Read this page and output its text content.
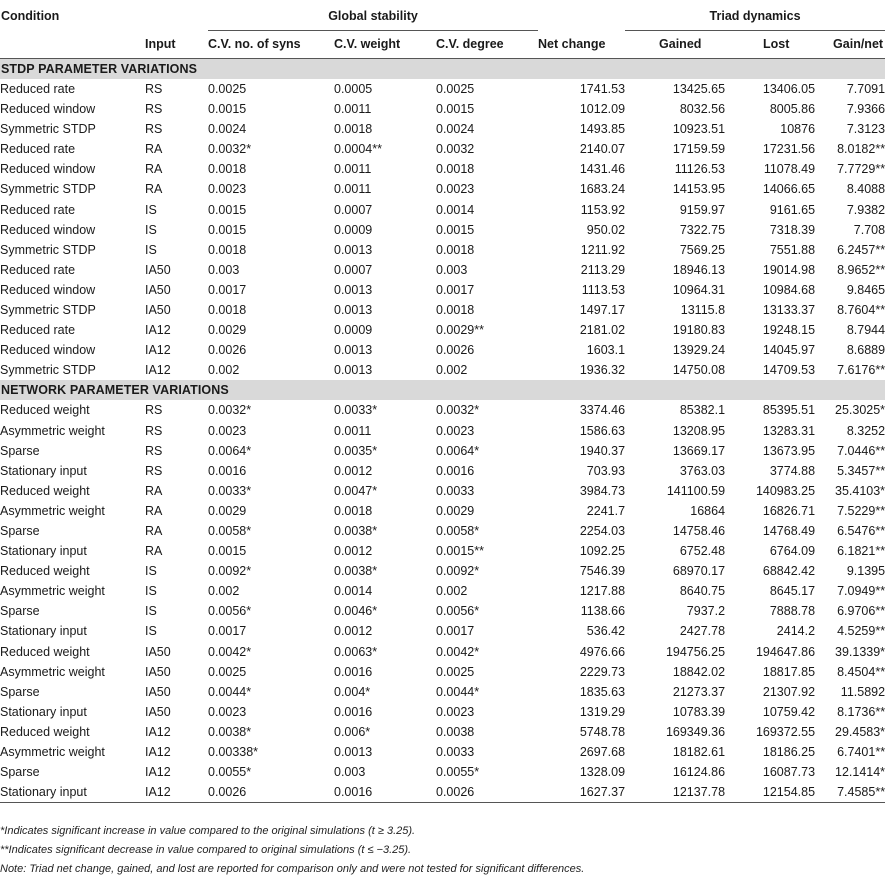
Condition		Global stability				Triad dynamics		
	Input	C.V. no. of syns	C.V. weight	C.V. degree	Net change	Gained	Lost	Gain/net
STDP PARAMETER VARIATIONS								
Reduced rate	RS	0.0025	0.0005	0.0025	1741.53	13425.65	13406.05	7.7091
Reduced window	RS	0.0015	0.0011	0.0015	1012.09	8032.56	8005.86	7.9366
Symmetric STDP	RS	0.0024	0.0018	0.0024	1493.85	10923.51	10876	7.3123
Reduced rate	RA	0.0032*	0.0004**	0.0032	2140.07	17159.59	17231.56	8.0182**
Reduced window	RA	0.0018	0.0011	0.0018	1431.46	11126.53	11078.49	7.7729**
Symmetric STDP	RA	0.0023	0.0011	0.0023	1683.24	14153.95	14066.65	8.4088
Reduced rate	IS	0.0015	0.0007	0.0014	1153.92	9159.97	9161.65	7.9382
Reduced window	IS	0.0015	0.0009	0.0015	950.02	7322.75	7318.39	7.708
Symmetric STDP	IS	0.0018	0.0013	0.0018	1211.92	7569.25	7551.88	6.2457**
Reduced rate	IA50	0.003	0.0007	0.003	2113.29	18946.13	19014.98	8.9652**
Reduced window	IA50	0.0017	0.0013	0.0017	1113.53	10964.31	10984.68	9.8465
Symmetric STDP	IA50	0.0018	0.0013	0.0018	1497.17	13115.8	13133.37	8.7604**
Reduced rate	IA12	0.0029	0.0009	0.0029**	2181.02	19180.83	19248.15	8.7944
Reduced window	IA12	0.0026	0.0013	0.0026	1603.1	13929.24	14045.97	8.6889
Symmetric STDP	IA12	0.002	0.0013	0.002	1936.32	14750.08	14709.53	7.6176**
NETWORK PARAMETER VARIATIONS								
Reduced weight	RS	0.0032*	0.0033*	0.0032*	3374.46	85382.1	85395.51	25.3025*
Asymmetric weight	RS	0.0023	0.0011	0.0023	1586.63	13208.95	13283.31	8.3252
Sparse	RS	0.0064*	0.0035*	0.0064*	1940.37	13669.17	13673.95	7.0446**
Stationary input	RS	0.0016	0.0012	0.0016	703.93	3763.03	3774.88	5.3457**
Reduced weight	RA	0.0033*	0.0047*	0.0033	3984.73	141100.59	140983.25	35.4103*
Asymmetric weight	RA	0.0029	0.0018	0.0029	2241.7	16864	16826.71	7.5229**
Sparse	RA	0.0058*	0.0038*	0.0058*	2254.03	14758.46	14768.49	6.5476**
Stationary input	RA	0.0015	0.0012	0.0015**	1092.25	6752.48	6764.09	6.1821**
Reduced weight	IS	0.0092*	0.0038*	0.0092*	7546.39	68970.17	68842.42	9.1395
Asymmetric weight	IS	0.002	0.0014	0.002	1217.88	8640.75	8645.17	7.0949**
Sparse	IS	0.0056*	0.0046*	0.0056*	1138.66	7937.2	7888.78	6.9706**
Stationary input	IS	0.0017	0.0012	0.0017	536.42	2427.78	2414.2	4.5259**
Reduced weight	IA50	0.0042*	0.0063*	0.0042*	4976.66	194756.25	194647.86	39.1339*
Asymmetric weight	IA50	0.0025	0.0016	0.0025	2229.73	18842.02	18817.85	8.4504**
Sparse	IA50	0.0044*	0.004*	0.0044*	1835.63	21273.37	21307.92	11.5892
Stationary input	IA50	0.0023	0.0016	0.0023	1319.29	10783.39	10759.42	8.1736**
Reduced weight	IA12	0.0038*	0.006*	0.0038	5748.78	169349.36	169372.55	29.4583*
Asymmetric weight	IA12	0.00338*	0.0013	0.0033	2697.68	18182.61	18186.25	6.7401**
Sparse	IA12	0.0055*	0.003	0.0055*	1328.09	16124.86	16087.73	12.1414*
Stationary input	IA12	0.0026	0.0016	0.0026	1627.37	12137.78	12154.85	7.4585**
*Indicates significant increase in value compared to the original simulations (t ≥ 3.25).
**Indicates significant decrease in value compared to original simulations (t ≤ −3.25).
Note: Triad net change, gained, and lost are reported for comparison only and were not tested for significant differences.
